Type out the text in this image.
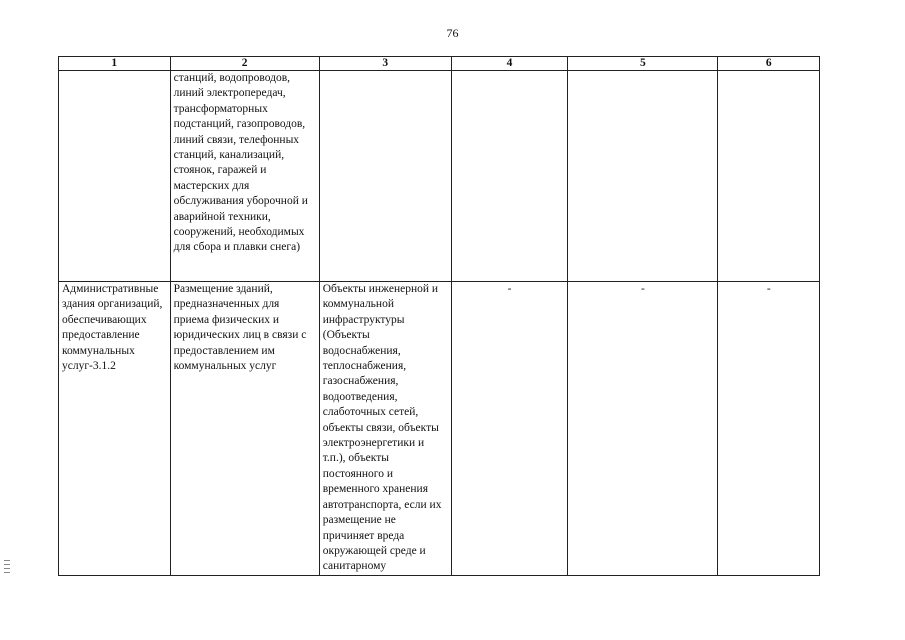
76
1	2	3	4	5	6
	станций, водопроводов, линий электропередач, трансформаторных подстанций, газопроводов, линий связи, телефонных станций, канализаций, стоянок, гаражей и мастерских для обслуживания уборочной и аварийной техники, сооружений, необходимых для сбора и плавки снега)				
Административные здания организаций, обеспечивающих предоставление коммунальных услуг-3.1.2	Размещение зданий, предназначенных для приема физических и юридических лиц в связи с предоставлением им коммунальных услуг	Объекты инженерной и коммунальной инфраструктуры (Объекты водоснабжения, теплоснабжения, газоснабжения, водоотведения, слаботочных сетей, объекты связи, объекты электроэнергетики и т.п.), объекты постоянного и временного хранения автотранспорта, если их размещение не причиняет вреда окружающей среде и санитарному	-	-	-
